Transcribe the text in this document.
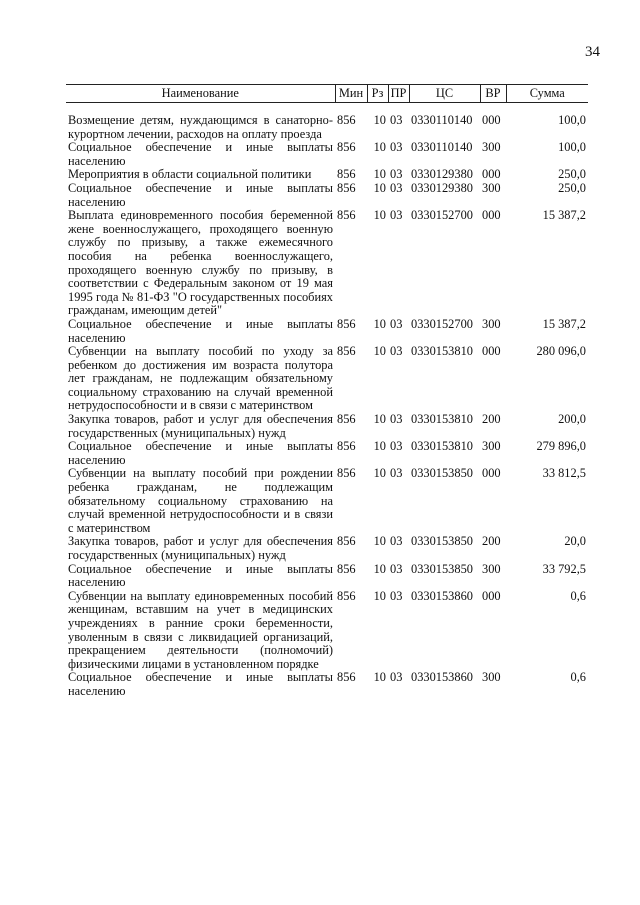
34
Наименование	Мин	Рз	ПР	ЦС	ВР	Сумма
Возмещение детям, нуждающимся в санаторно-курортном лечении, расходов на оплату проезда	856	10	03	0330110140	000	100,0
Социальное обеспечение и иные выплаты населению	856	10	03	0330110140	300	100,0
Мероприятия в области социальной политики	856	10	03	0330129380	000	250,0
Социальное обеспечение и иные выплаты населению	856	10	03	0330129380	300	250,0
Выплата единовременного пособия беременной жене военнослужащего, проходящего военную службу по призыву, а также ежемесячного пособия на ребенка военнослужащего, проходящего военную службу по призыву, в соответствии с Федеральным законом от 19 мая 1995 года № 81-ФЗ "О государственных пособиях гражданам, имеющим детей"	856	10	03	0330152700	000	15 387,2
Социальное обеспечение и иные выплаты населению	856	10	03	0330152700	300	15 387,2
Субвенции на выплату пособий по уходу за ребенком до достижения им возраста полутора лет гражданам, не подлежащим обязательному социальному страхованию на случай временной нетрудоспособности и в связи с материнством	856	10	03	0330153810	000	280 096,0
Закупка товаров, работ и услуг для обеспечения государственных (муниципальных) нужд	856	10	03	0330153810	200	200,0
Социальное обеспечение и иные выплаты населению	856	10	03	0330153810	300	279 896,0
Субвенции на выплату пособий при рождении ребенка гражданам, не подлежащим обязательному социальному страхованию на случай временной нетрудоспособности и в связи с материнством	856	10	03	0330153850	000	33 812,5
Закупка товаров, работ и услуг для обеспечения государственных (муниципальных) нужд	856	10	03	0330153850	200	20,0
Социальное обеспечение и иные выплаты населению	856	10	03	0330153850	300	33 792,5
Субвенции на выплату единовременных пособий женщинам, вставшим на учет в медицинских учреждениях в ранние сроки беременности, уволенным в связи с ликвидацией организаций, прекращением деятельности (полномочий) физическими лицами в установленном порядке	856	10	03	0330153860	000	0,6
Социальное обеспечение и иные выплаты населению	856	10	03	0330153860	300	0,6
